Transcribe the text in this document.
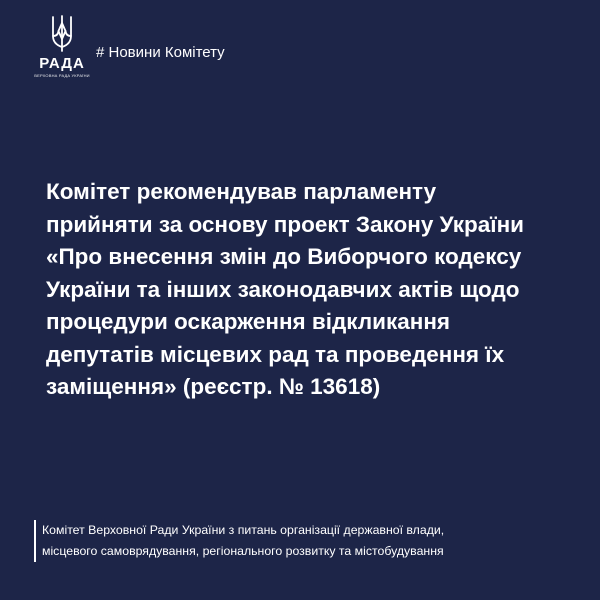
РАДА
ВЕРХОВНА РАДА УКРАЇНИ
# Новини Комітету
Комітет рекомендував парламенту прийняти за основу проект Закону України «Про внесення змін до Виборчого кодексу України та інших законодавчих актів щодо процедури оскарження відкликання депутатів місцевих рад та проведення їх заміщення» (реєстр. № 13618)
Комітет Верховної Ради України з питань організації державної влади,
місцевого самоврядування, регіонального розвитку та містобудування
